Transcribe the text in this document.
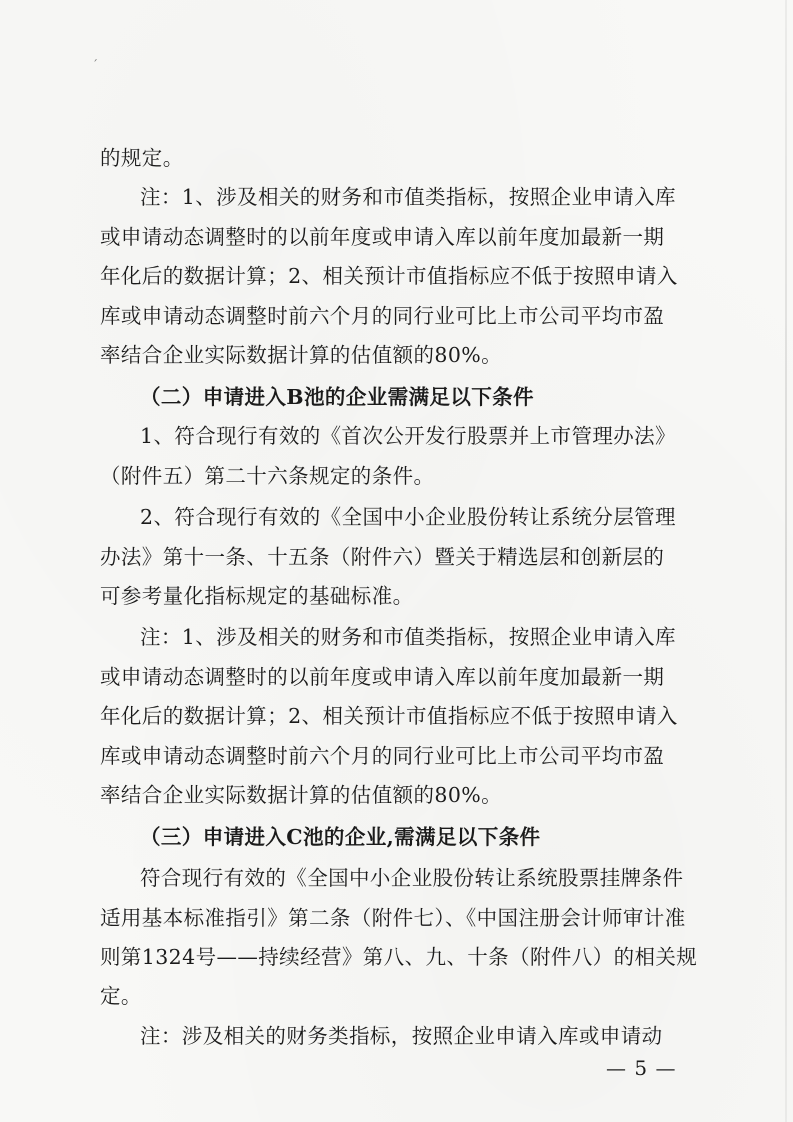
ˊ
的规定。
注：1、涉及相关的财务和市值类指标，按照企业申请入库
或申请动态调整时的以前年度或申请入库以前年度加最新一期
年化后的数据计算；2、相关预计市值指标应不低于按照申请入
库或申请动态调整时前六个月的同行业可比上市公司平均市盈
率结合企业实际数据计算的估值额的80%。
（二）申请进入B池的企业需满足以下条件
1、符合现行有效的《首次公开发行股票并上市管理办法》
（附件五）第二十六条规定的条件。
2、符合现行有效的《全国中小企业股份转让系统分层管理
办法》第十一条、十五条（附件六）暨关于精选层和创新层的
可参考量化指标规定的基础标准。
注：1、涉及相关的财务和市值类指标，按照企业申请入库
或申请动态调整时的以前年度或申请入库以前年度加最新一期
年化后的数据计算；2、相关预计市值指标应不低于按照申请入
库或申请动态调整时前六个月的同行业可比上市公司平均市盈
率结合企业实际数据计算的估值额的80%。
（三）申请进入C池的企业,需满足以下条件
符合现行有效的《全国中小企业股份转让系统股票挂牌条件
适用基本标准指引》第二条（附件七）、《中国注册会计师审计准
则第1324号——持续经营》第八、九、十条（附件八）的相关规
— 5 —
定。
注：涉及相关的财务类指标，按照企业申请入库或申请动
